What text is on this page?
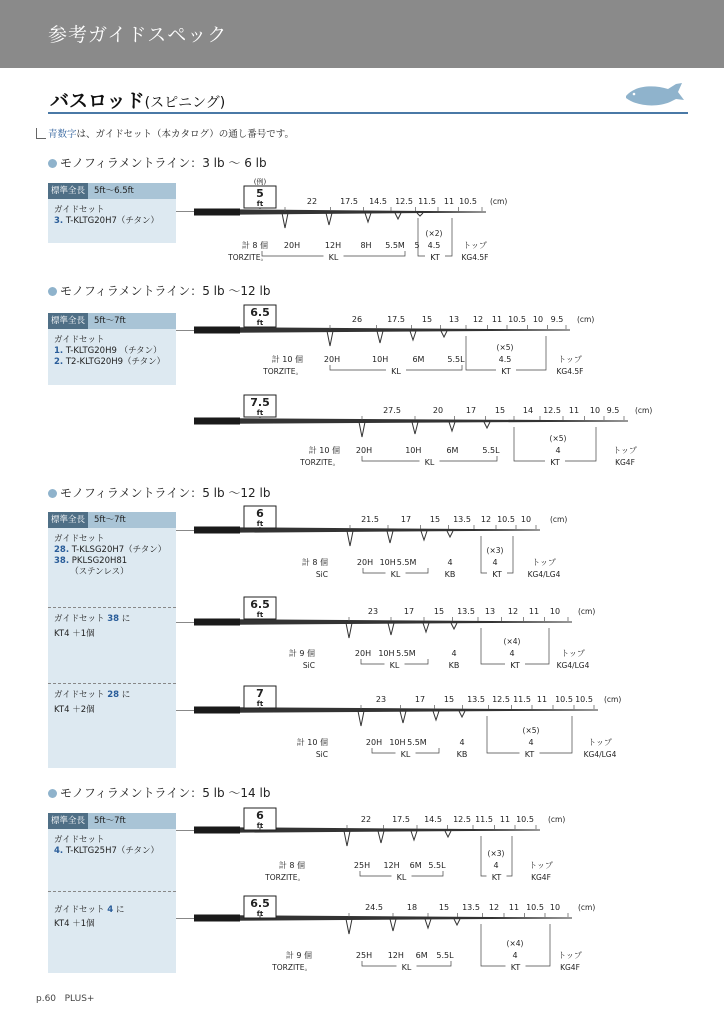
参考ガイドスペック
バスロッド(スピニング)
青数字は、ガイドセット（本カタログ）の通し番号です。
モノフィラメントライン：3 lb 〜 6 lb
モノフィラメントライン：5 lb 〜12 lb
モノフィラメントライン：5 lb 〜12 lb
モノフィラメントライン：5 lb 〜14 lb
標準全長	5ft〜6.5ft
ガイドセット
3. T-KLTG20H7（チタン）
標準全長	5ft〜7ft
ガイドセット
1. T-KLTG20H9 （チタン）
2. T2-KLTG20H9（チタン）
標準全長	5ft〜7ft
ガイドセット
28. T-KLSG20H7（チタン）
38. PKLSG20H81
（ステンレス）
ガイドセット 38 に
KT4 ＋1個
ガイドセット 28 に
KT4 ＋2個
標準全長	5ft〜7ft
ガイドセット
4. T-KLTG25H7（チタン）
ガイドセット 4 に
KT4 ＋1個
(例)
5
ft	22	17.5 14.5 12.5 11.5 11 10.5 (cm)
計 8 個
TORZITE。
20H	12H 8H 5.5M 5
KL
(×2)
4.5
KT
トップ
KG4.5F
6.5
ft	26	17.5 15 13 12 11 10.5 10 9.5 (cm)
計 10 個
TORZITE。
20H	10H	6M	5.5L
KL
(×5)
4.5
KT
トップ
KG4.5F
7.5
ft	27.5	20	17 15 14 12.5 11 10 9.5 (cm)
計 10 個
TORZITE。
20H	10H	6M	5.5L
KL
(×5)
4
KT
トップ
KG4F
6
ft	21.5	17 15 13.5 12 10.5 10	(cm)
計 8 個
SiC
20H 10H 5.5M	4
KL	KB
(×3)
4
KT
トップ
KG4/LG4
6.5
ft	23	17 15 13.5 13 12 11 10 (cm)
計 9 個
SiC
20H 10H 5.5M	4
KL	KB
(×4)
4
KT
トップ
KG4/LG4
7
ft	23	17 15 13.5 12.5 11.5 11 10.5 10.5 (cm)
計 10 個
SiC
20H 10H 5.5M	4
KL	KB
(×5)
4
KT
トップ
KG4/LG4
6
ft
22	17.5 14.5 12.5 11.5 11 10.5 (cm)
計 8 個
TORZITE。
25H 12H 6M 5.5L
KL
(×3)
4
KT
トップ
KG4F
6.5
ft
24.5	18	15 13.5 12 11 10.5 10 (cm)
計 9 個
TORZITE。
25H 12H 6M 5.5L
KL
(×4)
4
KT
トップ
KG4F
p.60 PLUS+
